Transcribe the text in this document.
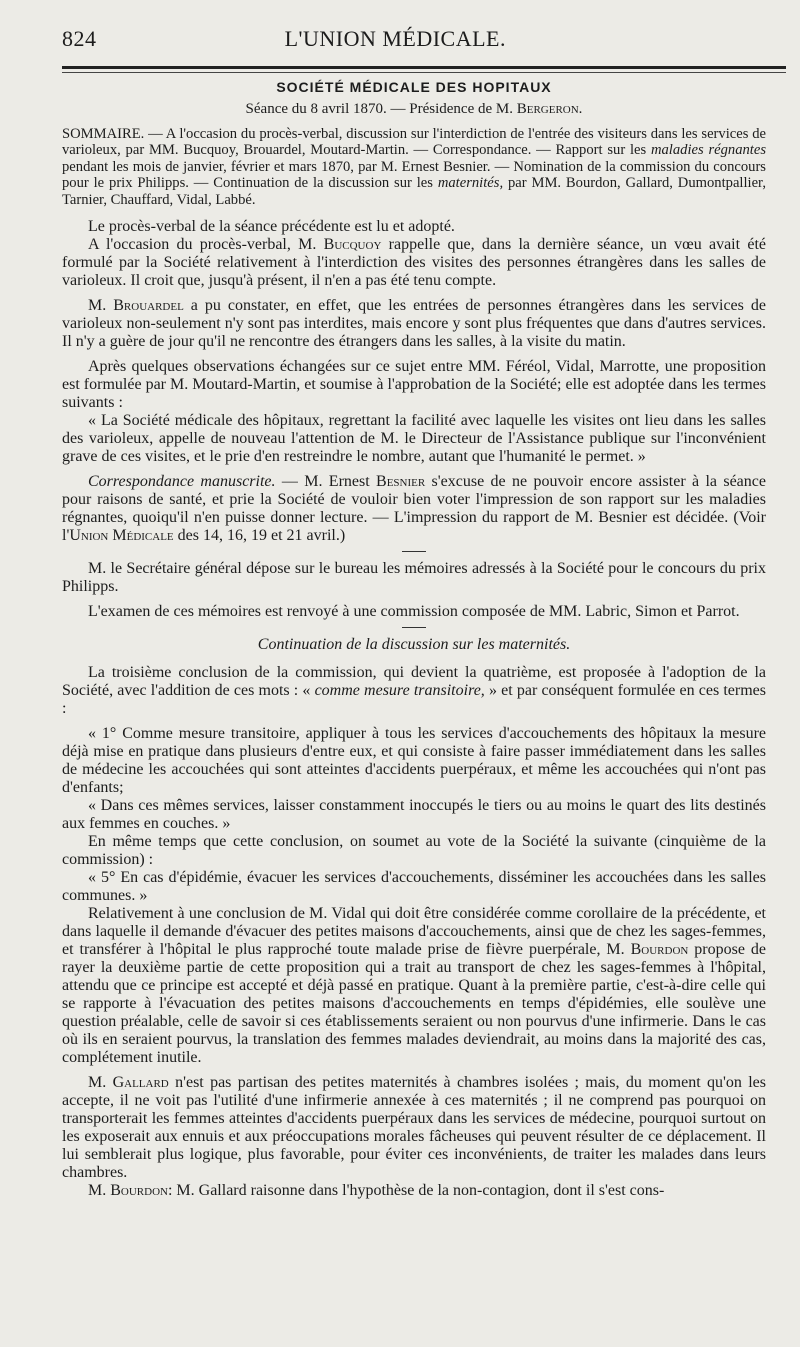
824	L'UNION MÉDICALE.
SOCIÉTÉ MÉDICALE DES HOPITAUX
Séance du 8 avril 1870. — Présidence de M. Bergeron.
SOMMAIRE. — A l'occasion du procès-verbal, discussion sur l'interdiction de l'entrée des visiteurs dans les services de varioleux, par MM. Bucquoy, Brouardel, Moutard-Martin. — Correspondance. — Rapport sur les maladies régnantes pendant les mois de janvier, février et mars 1870, par M. Ernest Besnier. — Nomination de la commission du concours pour le prix Philipps. — Continuation de la discussion sur les maternités, par MM. Bourdon, Gallard, Dumontpallier, Tarnier, Chauffard, Vidal, Labbé.

Le procès-verbal de la séance précédente est lu et adopté.

A l'occasion du procès-verbal, M. Bucquoy rappelle que, dans la dernière séance, un vœu avait été formulé par la Société relativement à l'interdiction des visites des personnes étrangères dans les salles de varioleux. Il croit que, jusqu'à présent, il n'en a pas été tenu compte.

M. Brouardel a pu constater, en effet, que les entrées de personnes étrangères dans les services de varioleux non-seulement n'y sont pas interdites, mais encore y sont plus fréquentes que dans d'autres services. Il n'y a guère de jour qu'il ne rencontre des étrangers dans les salles, à la visite du matin.

Après quelques observations échangées sur ce sujet entre MM. Féréol, Vidal, Marrotte, une proposition est formulée par M. Moutard-Martin, et soumise à l'approbation de la Société; elle est adoptée dans les termes suivants :

« La Société médicale des hôpitaux, regrettant la facilité avec laquelle les visites ont lieu dans les salles des varioleux, appelle de nouveau l'attention de M. le Directeur de l'Assistance publique sur l'inconvénient grave de ces visites, et le prie d'en restreindre le nombre, autant que l'humanité le permet. »

Correspondance manuscrite. — M. Ernest Besnier s'excuse de ne pouvoir encore assister à la séance pour raisons de santé, et prie la Société de vouloir bien voter l'impression de son rapport sur les maladies régnantes, quoiqu'il n'en puisse donner lecture. — L'impression du rapport de M. Besnier est décidée. (Voir l'Union Médicale des 14, 16, 19 et 21 avril.)

M. le Secrétaire général dépose sur le bureau les mémoires adressés à la Société pour le concours du prix Philipps.

L'examen de ces mémoires est renvoyé à une commission composée de MM. Labric, Simon et Parrot.

Continuation de la discussion sur les maternités.

La troisième conclusion de la commission, qui devient la quatrième, est proposée à l'adoption de la Société, avec l'addition de ces mots : « comme mesure transitoire, » et par conséquent formulée en ces termes :

« 1° Comme mesure transitoire, appliquer à tous les services d'accouchements des hôpitaux la mesure déjà mise en pratique dans plusieurs d'entre eux, et qui consiste à faire passer immédiatement dans les salles de médecine les accouchées qui sont atteintes d'accidents puerpéraux, et même les accouchées qui n'ont pas d'enfants;

« Dans ces mêmes services, laisser constamment inoccupés le tiers ou au moins le quart des lits destinés aux femmes en couches. »

En même temps que cette conclusion, on soumet au vote de la Société la suivante (cinquième de la commission) :

« 5° En cas d'épidémie, évacuer les services d'accouchements, disséminer les accouchées dans les salles communes. »

Relativement à une conclusion de M. Vidal qui doit être considérée comme corollaire de la précédente, et dans laquelle il demande d'évacuer des petites maisons d'accouchements, ainsi que de chez les sages-femmes, et transférer à l'hôpital le plus rapproché toute malade prise de fièvre puerpérale, M. Bourdon propose de rayer la deuxième partie de cette proposition qui a trait au transport de chez les sages-femmes à l'hôpital, attendu que ce principe est accepté et déjà passé en pratique. Quant à la première partie, c'est-à-dire celle qui se rapporte à l'évacuation des petites maisons d'accouchements en temps d'épidémies, elle soulève une question préalable, celle de savoir si ces établissements seraient ou non pourvus d'une infirmerie. Dans le cas où ils en seraient pourvus, la translation des femmes malades deviendrait, au moins dans la majorité des cas, complétement inutile.

M. Gallard n'est pas partisan des petites maternités à chambres isolées ; mais, du moment qu'on les accepte, il ne voit pas l'utilité d'une infirmerie annexée à ces maternités ; il ne comprend pas pourquoi on transporterait les femmes atteintes d'accidents puerpéraux dans les services de médecine, pourquoi surtout on les exposerait aux ennuis et aux préoccupations morales fâcheuses qui peuvent résulter de ce déplacement. Il lui semblerait plus logique, plus favorable, pour éviter ces inconvénients, de traiter les malades dans leurs chambres.

M. Bourdon: M. Gallard raisonne dans l'hypothèse de la non-contagion, dont il s'est cons-
